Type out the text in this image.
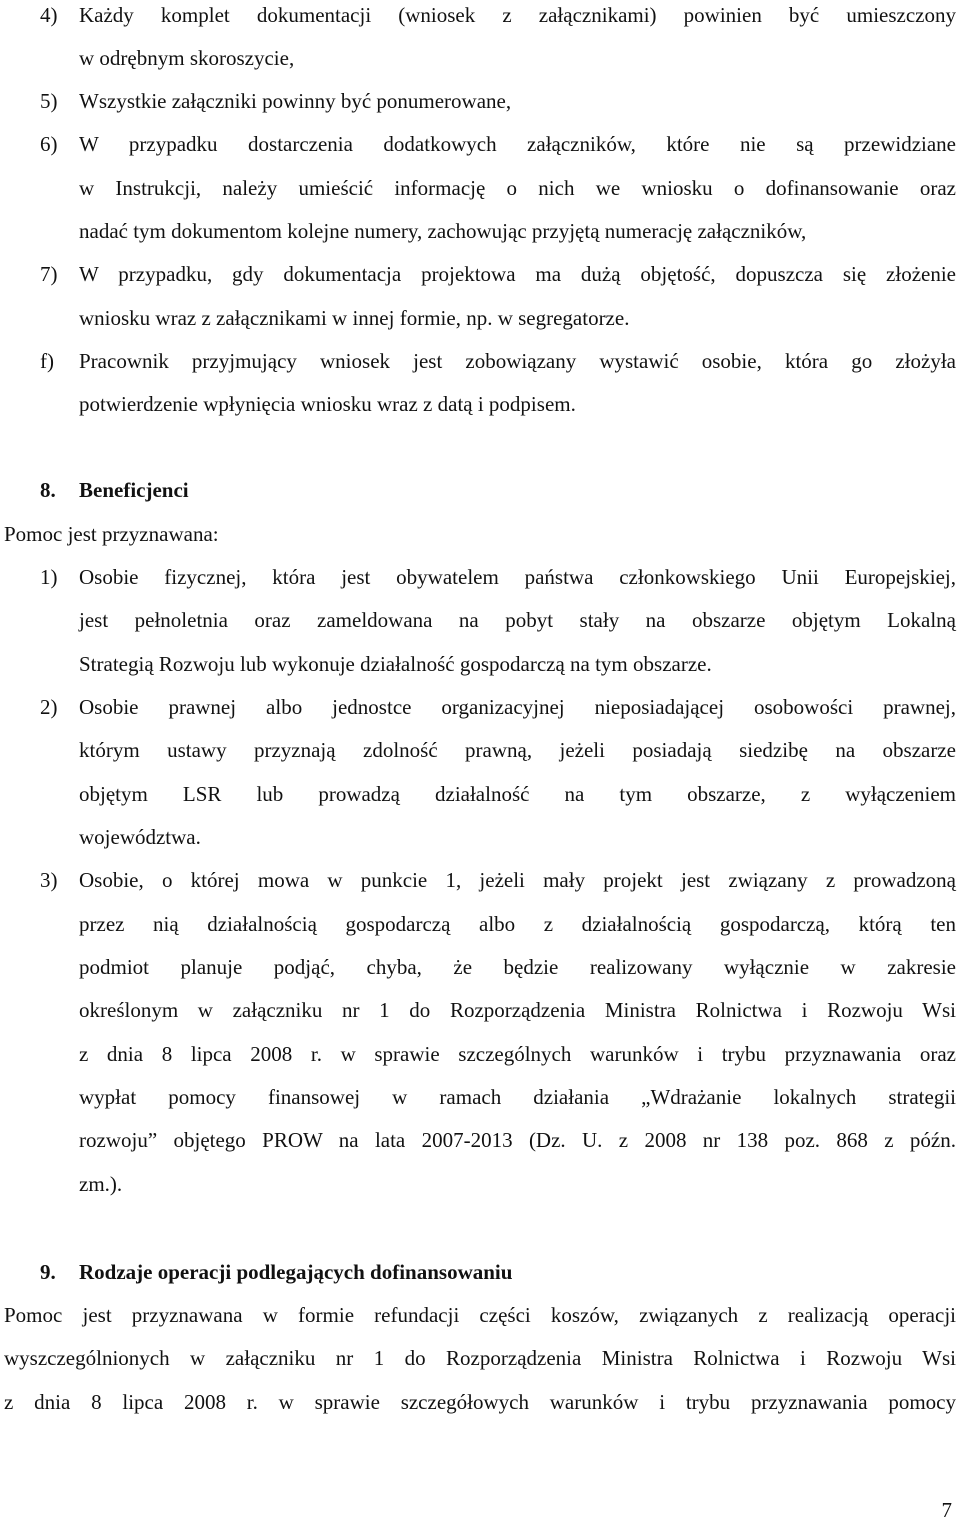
4) Każdy komplet dokumentacji (wniosek z załącznikami) powinien być umieszczony
w odrębnym skoroszycie,
5) Wszystkie załączniki powinny być ponumerowane,
6) W przypadku dostarczenia dodatkowych załączników, które nie są przewidziane
w Instrukcji, należy umieścić informację o nich we wniosku o dofinansowanie oraz
nadać tym dokumentom kolejne numery, zachowując przyjętą numerację załączników,
7) W przypadku, gdy dokumentacja projektowa ma dużą objętość, dopuszcza się złożenie
wniosku wraz z załącznikami w innej formie, np. w segregatorze.
f) Pracownik przyjmujący wniosek jest zobowiązany wystawić osobie, która go złożyła
potwierdzenie wpłynięcia wniosku wraz z datą i podpisem.
8. Beneficjenci
Pomoc jest przyznawana:
1) Osobie fizycznej, która jest obywatelem państwa członkowskiego Unii Europejskiej,
jest pełnoletnia oraz zameldowana na pobyt stały na obszarze objętym Lokalną
Strategią Rozwoju lub wykonuje działalność gospodarczą na tym obszarze.
2) Osobie prawnej albo jednostce organizacyjnej nieposiadającej osobowości prawnej,
którym ustawy przyznają zdolność prawną, jeżeli posiadają siedzibę na obszarze
objętym LSR lub prowadzą działalność na tym obszarze, z wyłączeniem
województwa.
3) Osobie, o której mowa w punkcie 1, jeżeli mały projekt jest związany z prowadzoną
przez nią działalnością gospodarczą albo z działalnością gospodarczą, którą ten
podmiot planuje podjąć, chyba, że będzie realizowany wyłącznie w zakresie
określonym w załączniku nr 1 do Rozporządzenia Ministra Rolnictwa i Rozwoju Wsi
z dnia 8 lipca 2008 r. w sprawie szczególnych warunków i trybu przyznawania oraz
wypłat pomocy finansowej w ramach działania „Wdrażanie lokalnych strategii
rozwoju” objętego PROW na lata 2007-2013 (Dz. U. z 2008 nr 138 poz. 868 z późn.
zm.).
9. Rodzaje operacji podlegających dofinansowaniu
Pomoc jest przyznawana w formie refundacji części koszów, związanych z realizacją operacji
wyszczególnionych w załączniku nr 1 do Rozporządzenia Ministra Rolnictwa i Rozwoju Wsi
z dnia 8 lipca 2008 r. w sprawie szczegółowych warunków i trybu przyznawania pomocy
7
